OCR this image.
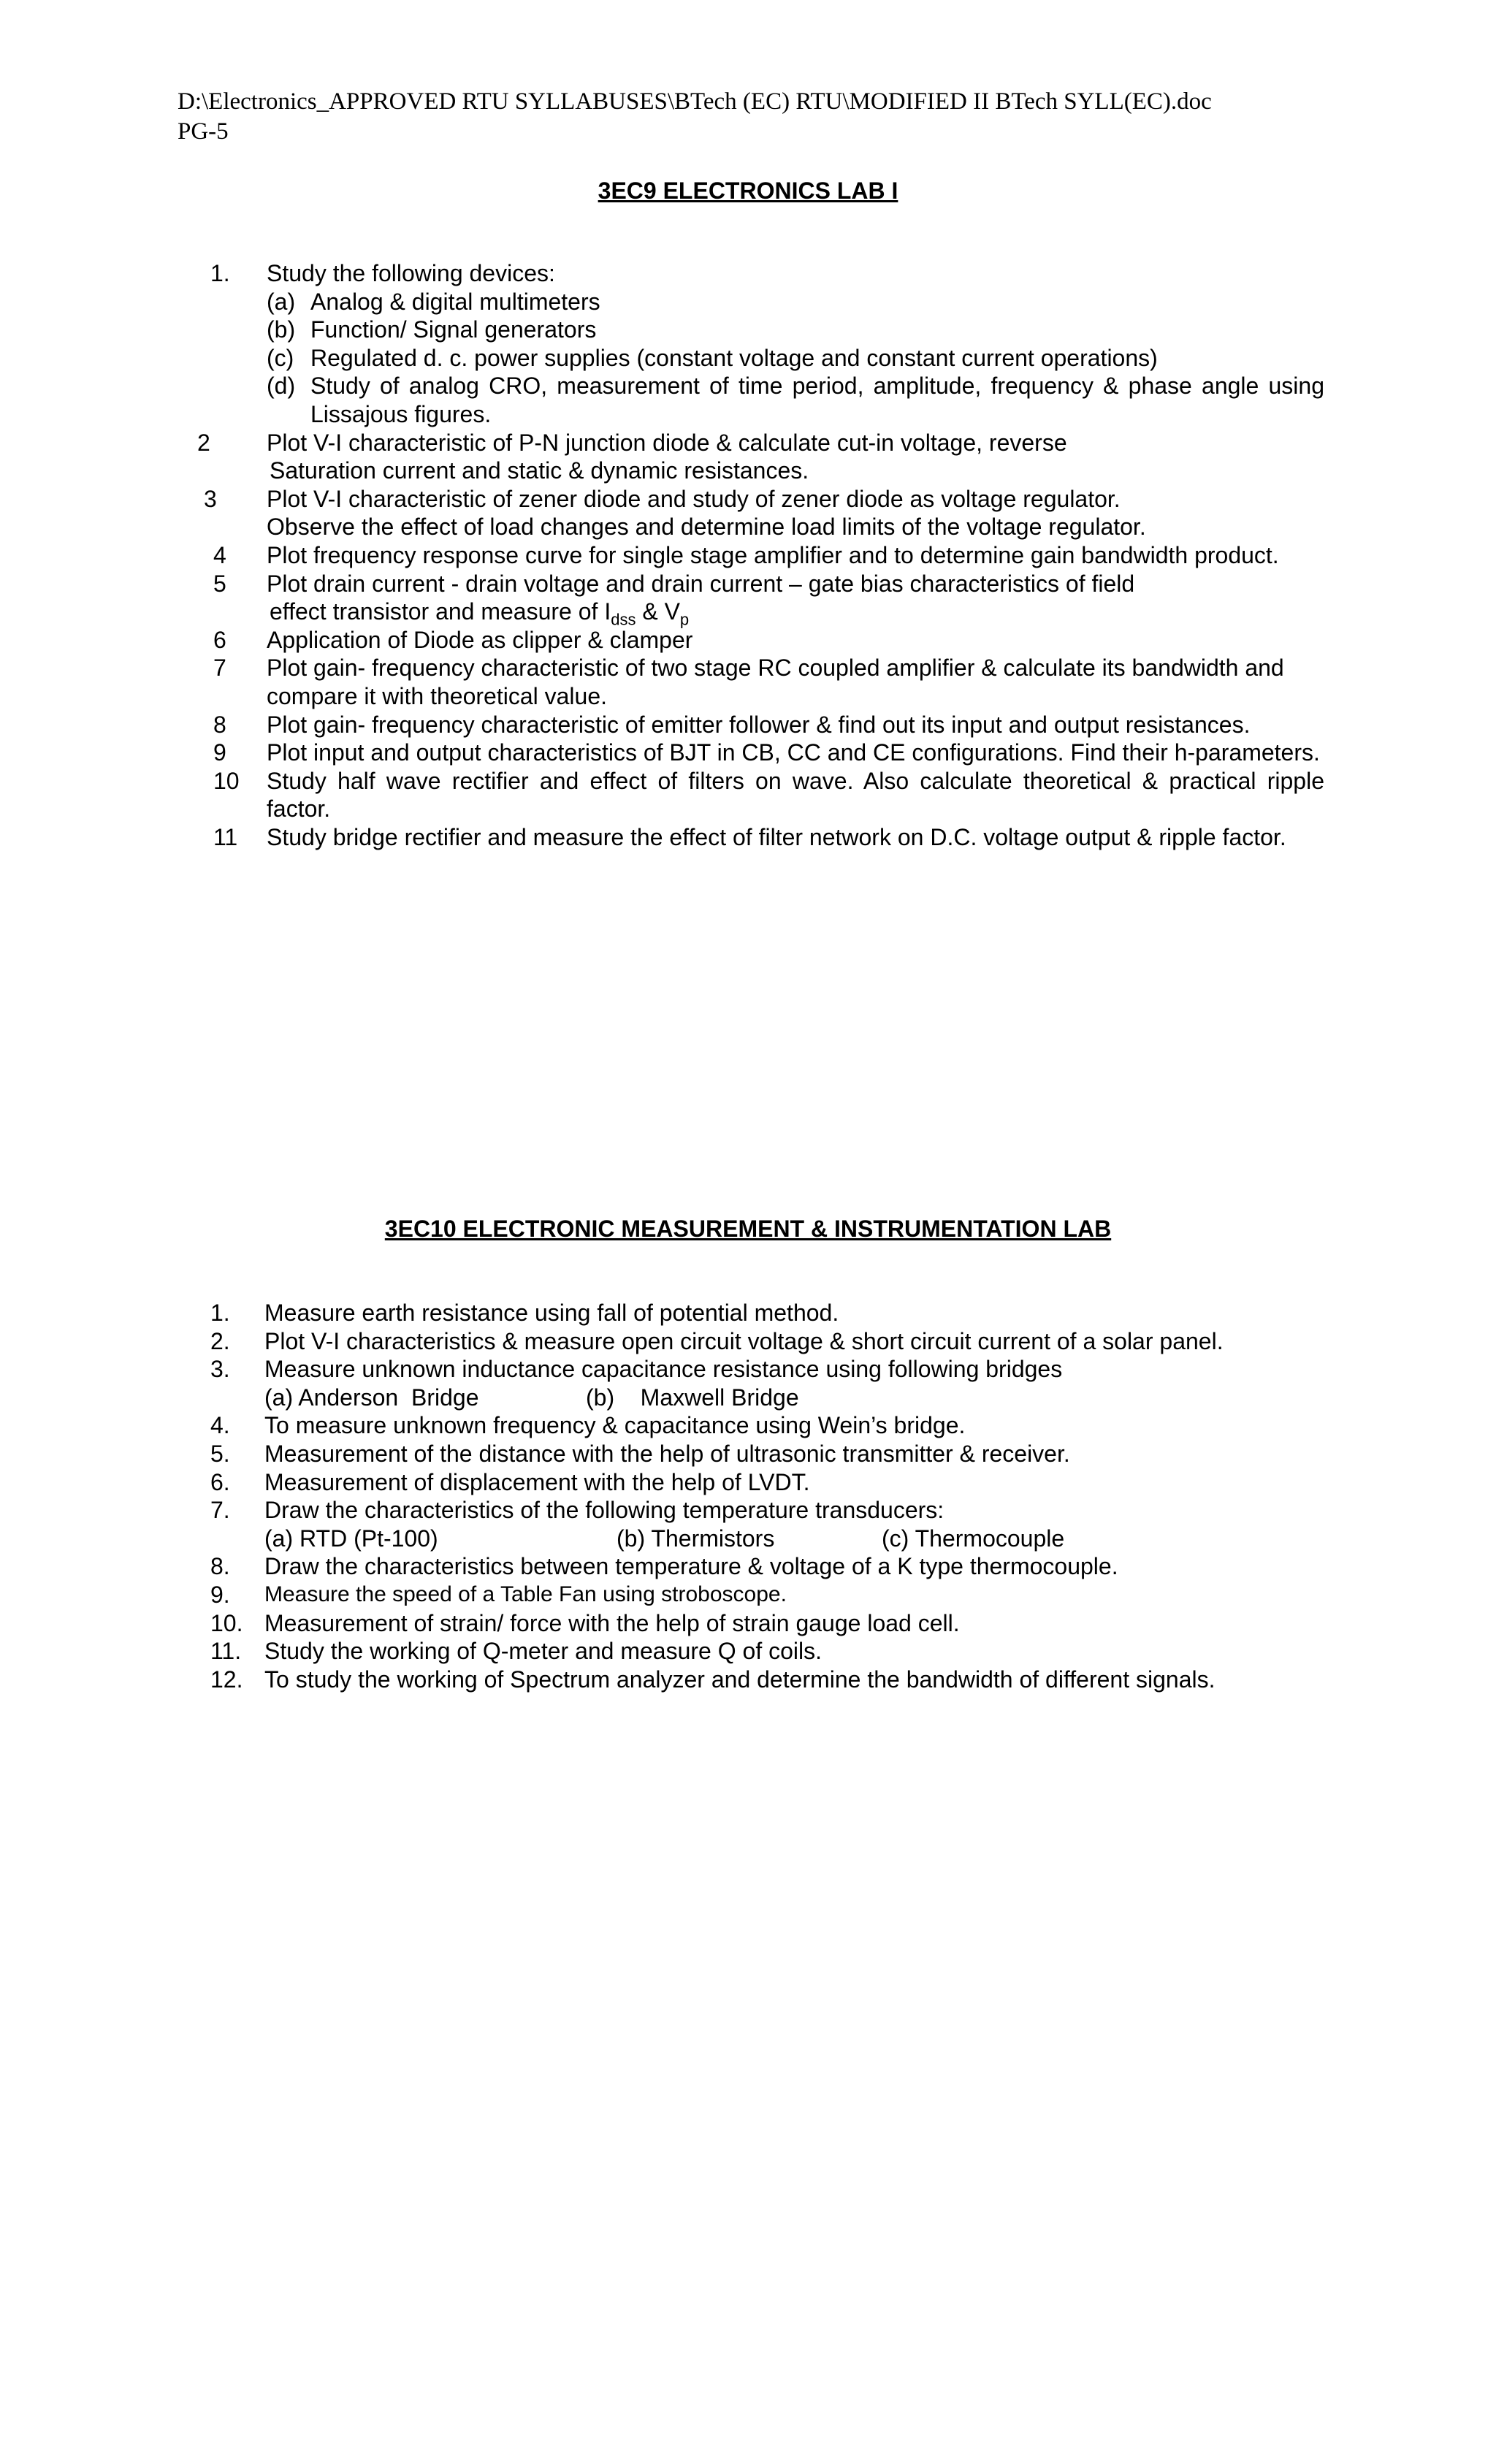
D:\Electronics_APPROVED RTU SYLLABUSES\BTech (EC) RTU\MODIFIED II BTech SYLL(EC).doc
PG-5
3EC9 ELECTRONICS LAB I
1. Study the following devices:
(a) Analog & digital multimeters
(b) Function/ Signal generators
(c) Regulated d. c. power supplies (constant voltage and constant current operations)
(d) Study of analog CRO, measurement of time period, amplitude, frequency & phase angle using Lissajous figures.
2 Plot V-I characteristic of P-N junction diode & calculate cut-in voltage, reverse
Saturation current and static & dynamic resistances.
3 Plot V-I characteristic of zener diode and study of zener diode as voltage regulator.
Observe the effect of load changes and determine load limits of the voltage regulator.
4 Plot frequency response curve for single stage amplifier and to determine gain bandwidth product.
5 Plot drain current - drain voltage and drain current – gate bias characteristics of field
effect transistor and measure of $I_{dss}$ & $V_p$
6 Application of Diode as clipper & clamper
7 Plot gain- frequency characteristic of two stage RC coupled amplifier & calculate its bandwidth and
compare it with theoretical value.
8 Plot gain- frequency characteristic of emitter follower & find out its input and output resistances.
9 Plot input and output characteristics of BJT in CB, CC and CE configurations. Find their h-parameters.
10 Study half wave rectifier and effect of filters on wave. Also calculate theoretical & practical ripple factor.
11 Study bridge rectifier and measure the effect of filter network on D.C. voltage output & ripple factor.
3EC10 ELECTRONIC MEASUREMENT & INSTRUMENTATION LAB
1. Measure earth resistance using fall of potential method.
2. Plot V-I characteristics & measure open circuit voltage & short circuit current of a solar panel.
3. Measure unknown inductance capacitance resistance using following bridges
(a) Anderson  Bridge	(b)    Maxwell Bridge
4. To measure unknown frequency & capacitance using Wein’s bridge.
5. Measurement of the distance with the help of ultrasonic transmitter & receiver.
6. Measurement of displacement with the help of LVDT.
7. Draw the characteristics of the following temperature transducers:
(a) RTD (Pt-100)	(b) Thermistors	(c) Thermocouple
8. Draw the characteristics between temperature & voltage of a K type thermocouple.
9. Measure the speed of a Table Fan using stroboscope.
10. Measurement of strain/ force with the help of strain gauge load cell.
11. Study the working of Q-meter and measure Q of coils.
12. To study the working of Spectrum analyzer and determine the bandwidth of different signals.
